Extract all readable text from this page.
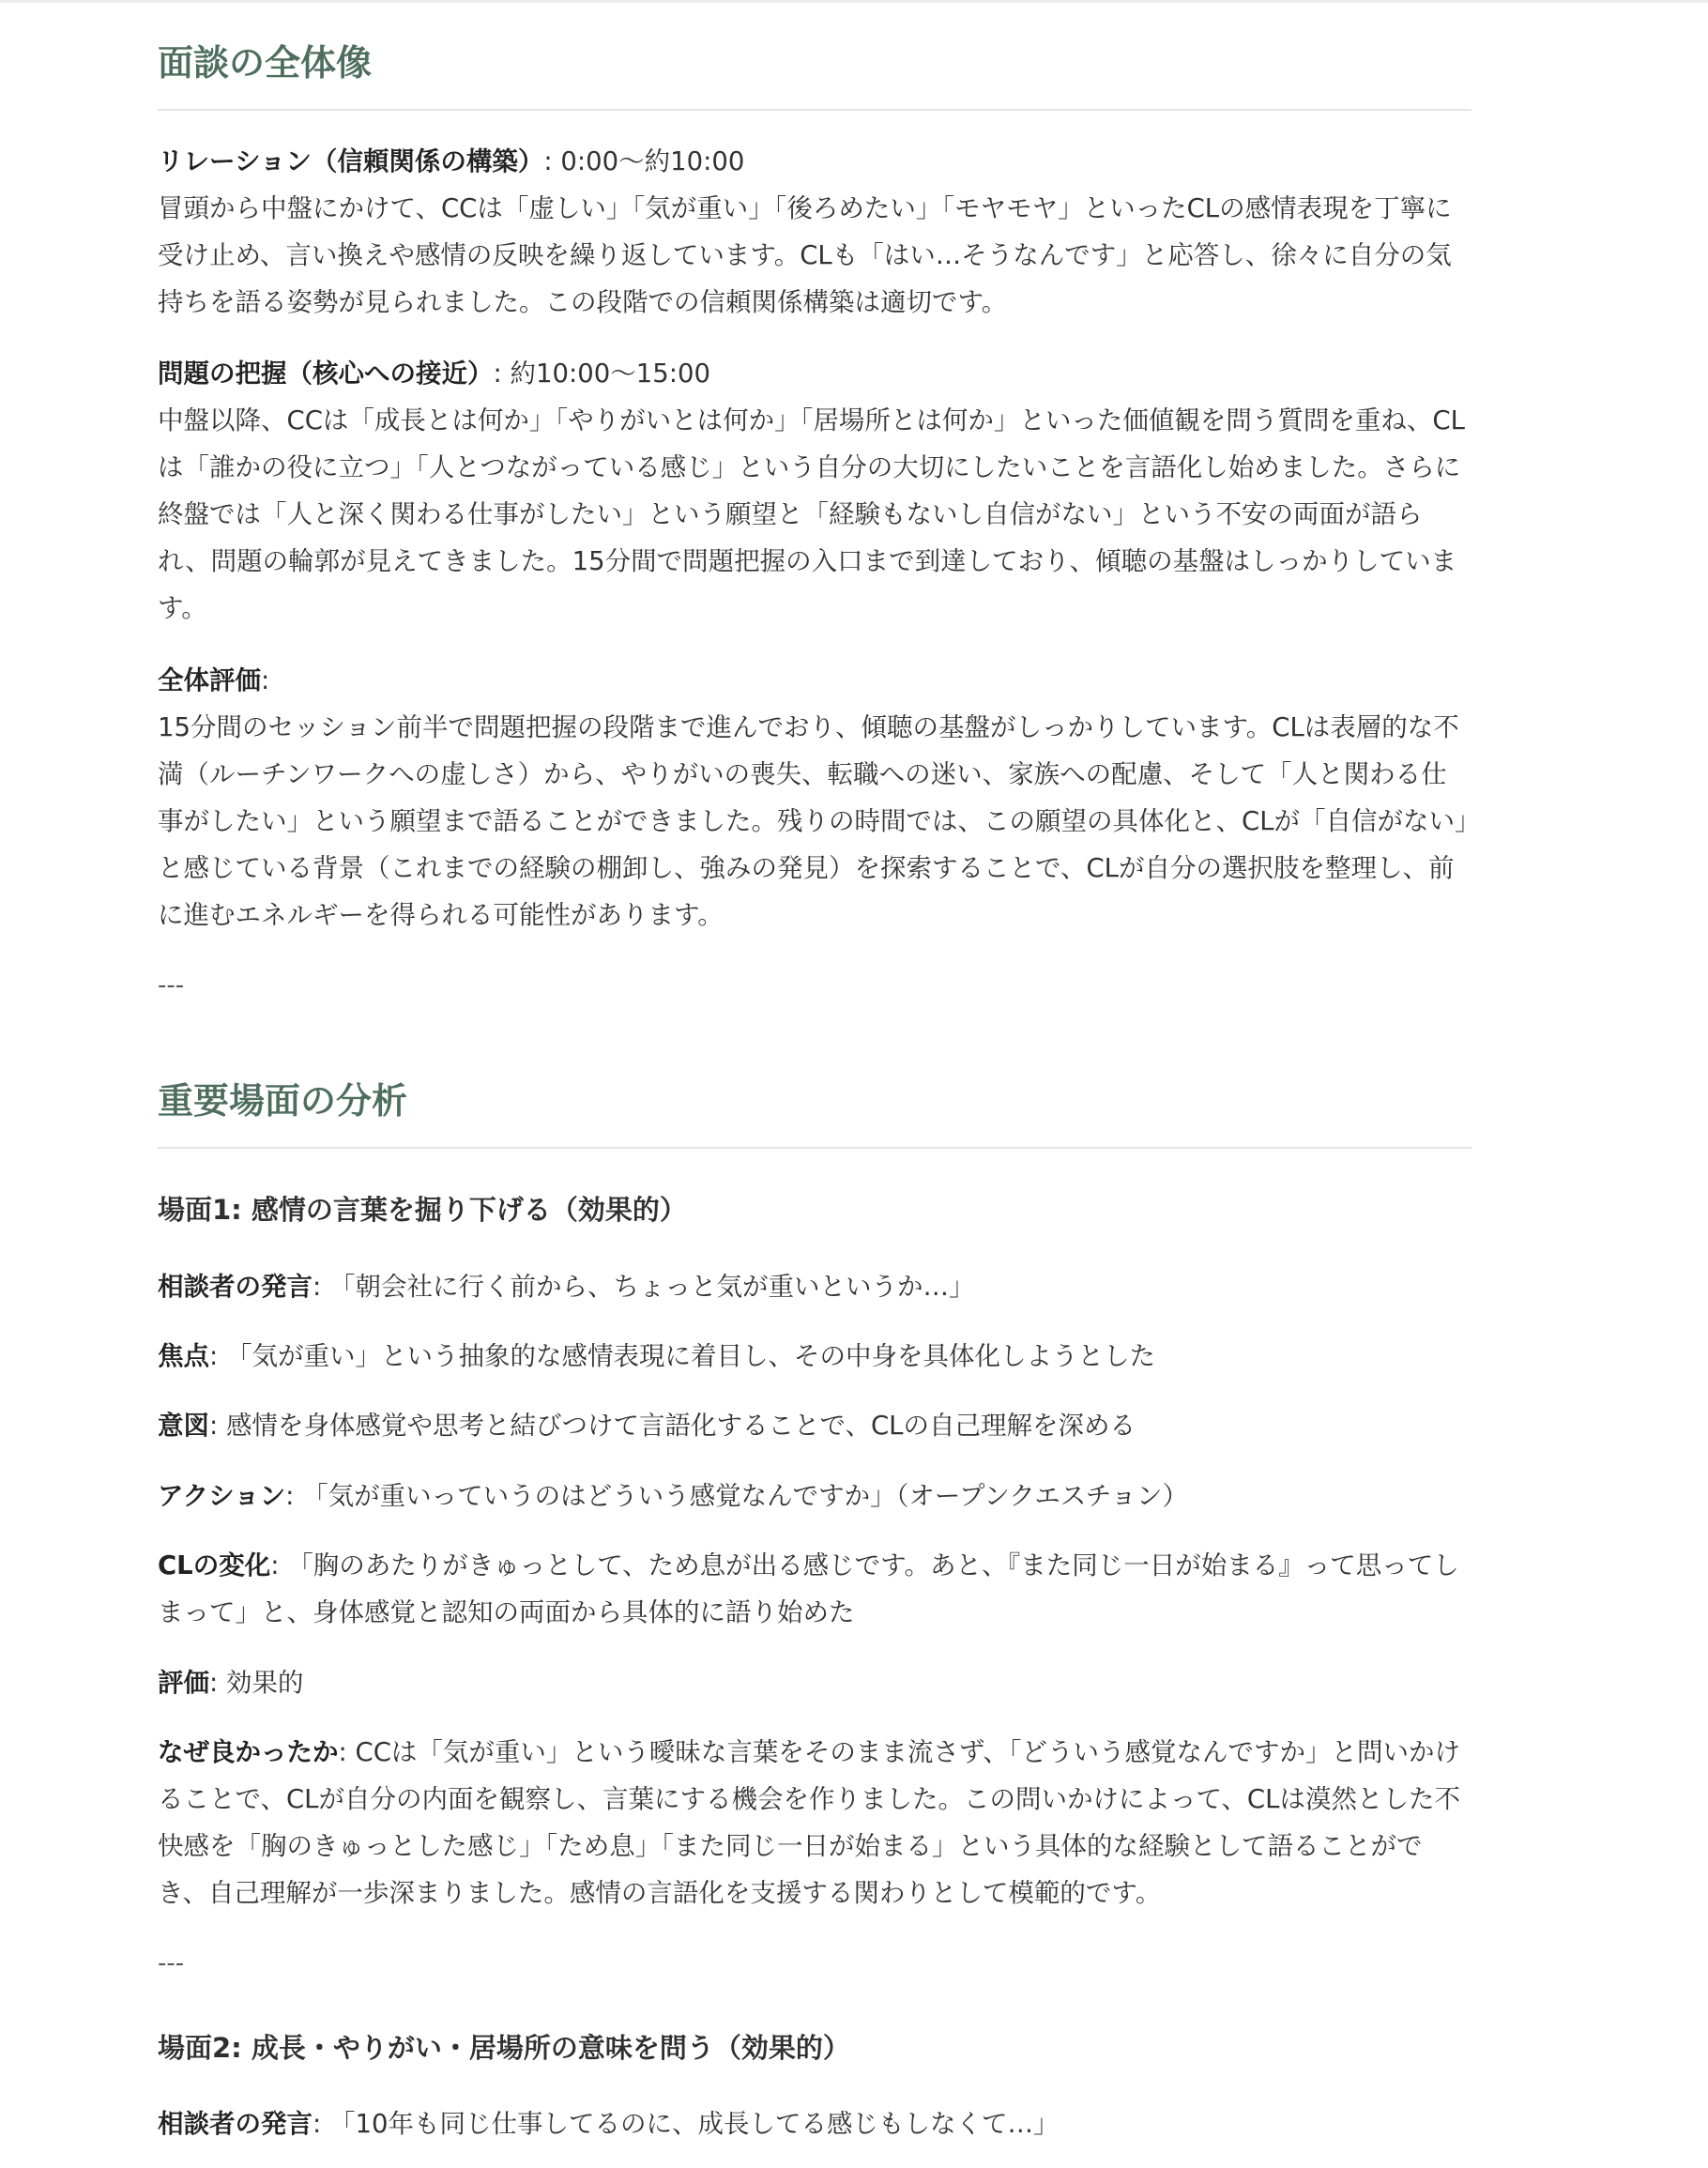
面談の全体像

リレーション（信頼関係の構築）: 0:00〜約10:00
冒頭から中盤にかけて、CCは「虚しい」「気が重い」「後ろめたい」「モヤモヤ」といったCLの感情表現を丁寧に受け止め、言い換えや感情の反映を繰り返しています。CLも「はい…そうなんです」と応答し、徐々に自分の気持ちを語る姿勢が見られました。この段階での信頼関係構築は適切です。

問題の把握（核心への接近）: 約10:00〜15:00
中盤以降、CCは「成長とは何か」「やりがいとは何か」「居場所とは何か」といった価値観を問う質問を重ね、CLは「誰かの役に立つ」「人とつながっている感じ」という自分の大切にしたいことを言語化し始めました。さらに終盤では「人と深く関わる仕事がしたい」という願望と「経験もないし自信がない」という不安の両面が語られ、問題の輪郭が見えてきました。15分間で問題把握の入口まで到達しており、傾聴の基盤はしっかりしています。

全体評価:
15分間のセッション前半で問題把握の段階まで進んでおり、傾聴の基盤がしっかりしています。CLは表層的な不満（ルーチンワークへの虚しさ）から、やりがいの喪失、転職への迷い、家族への配慮、そして「人と関わる仕事がしたい」という願望まで語ることができました。残りの時間では、この願望の具体化と、CLが「自信がない」と感じている背景（これまでの経験の棚卸し、強みの発見）を探索することで、CLが自分の選択肢を整理し、前に進むエネルギーを得られる可能性があります。

---

重要場面の分析
場面1: 感情の言葉を掘り下げる（効果的）

相談者の発言: 「朝会社に行く前から、ちょっと気が重いというか…」

焦点: 「気が重い」という抽象的な感情表現に着目し、その中身を具体化しようとした

意図: 感情を身体感覚や思考と結びつけて言語化することで、CLの自己理解を深める

アクション: 「気が重いっていうのはどういう感覚なんですか」（オープンクエスチョン）

CLの変化: 「胸のあたりがきゅっとして、ため息が出る感じです。あと、『また同じ一日が始まる』って思ってしまって」と、身体感覚と認知の両面から具体的に語り始めた

評価: 効果的

なぜ良かったか: CCは「気が重い」という曖昧な言葉をそのまま流さず、「どういう感覚なんですか」と問いかけることで、CLが自分の内面を観察し、言葉にする機会を作りました。この問いかけによって、CLは漠然とした不快感を「胸のきゅっとした感じ」「ため息」「また同じ一日が始まる」という具体的な経験として語ることができ、自己理解が一歩深まりました。感情の言語化を支援する関わりとして模範的です。

---

場面2: 成長・やりがい・居場所の意味を問う（効果的）

相談者の発言: 「10年も同じ仕事してるのに、成長してる感じもしなくて…」
